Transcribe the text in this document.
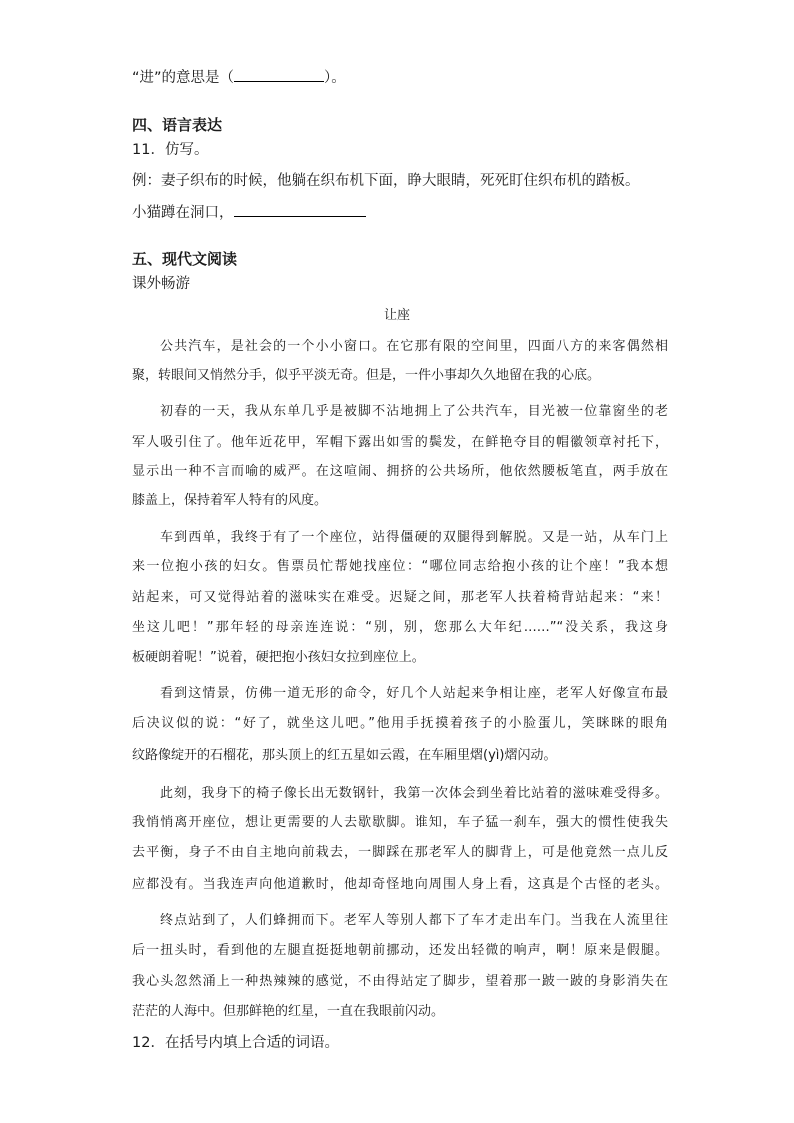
“进”的意思是（	）。
四、语言表达
11．仿写。
例：妻子织布的时候，他躺在织布机下面，睁大眼睛，死死盯住织布机的踏板。
小猫蹲在洞口，
五、现代文阅读
课外畅游
让座
公共汽车，是社会的一个小小窗口。在它那有限的空间里，四面八方的来客偶然相
聚，转眼间又悄然分手，似乎平淡无奇。但是，一件小事却久久地留在我的心底。
初春的一天，我从东单几乎是被脚不沾地拥上了公共汽车，目光被一位靠窗坐的老
军人吸引住了。他年近花甲，军帽下露出如雪的鬓发，在鲜艳夺目的帽徽领章衬托下，
显示出一种不言而喻的威严。在这喧闹、拥挤的公共场所，他依然腰板笔直，两手放在
膝盖上，保持着军人特有的风度。
车到西单，我终于有了一个座位，站得僵硬的双腿得到解脱。又是一站，从车门上
来一位抱小孩的妇女。售票员忙帮她找座位：“哪位同志给抱小孩的让个座！”我本想
站起来，可又觉得站着的滋味实在难受。迟疑之间，那老军人扶着椅背站起来：“来！
坐这儿吧！”那年轻的母亲连连说：“别，别，您那么大年纪……”“没关系，我这身
板硬朗着呢！”说着，硬把抱小孩妇女拉到座位上。
看到这情景，仿佛一道无形的命令，好几个人站起来争相让座，老军人好像宣布最
后决议似的说：“好了，就坐这儿吧。”他用手抚摸着孩子的小脸蛋儿，笑眯眯的眼角
纹路像绽开的石榴花，那头顶上的红五星如云霞，在车厢里熠(yì)熠闪动。
此刻，我身下的椅子像长出无数钢针，我第一次体会到坐着比站着的滋味难受得多。
我悄悄离开座位，想让更需要的人去歇歇脚。谁知，车子猛一刹车，强大的惯性使我失
去平衡，身子不由自主地向前栽去，一脚踩在那老军人的脚背上，可是他竟然一点儿反
应都没有。当我连声向他道歉时，他却奇怪地向周围人身上看，这真是个古怪的老头。
终点站到了，人们蜂拥而下。老军人等别人都下了车才走出车门。当我在人流里往
后一扭头时，看到他的左腿直挺挺地朝前挪动，还发出轻微的响声，啊！原来是假腿。
我心头忽然涌上一种热辣辣的感觉，不由得站定了脚步，望着那一跛一跛的身影消失在
茫茫的人海中。但那鲜艳的红星，一直在我眼前闪动。
12．在括号内填上合适的词语。
